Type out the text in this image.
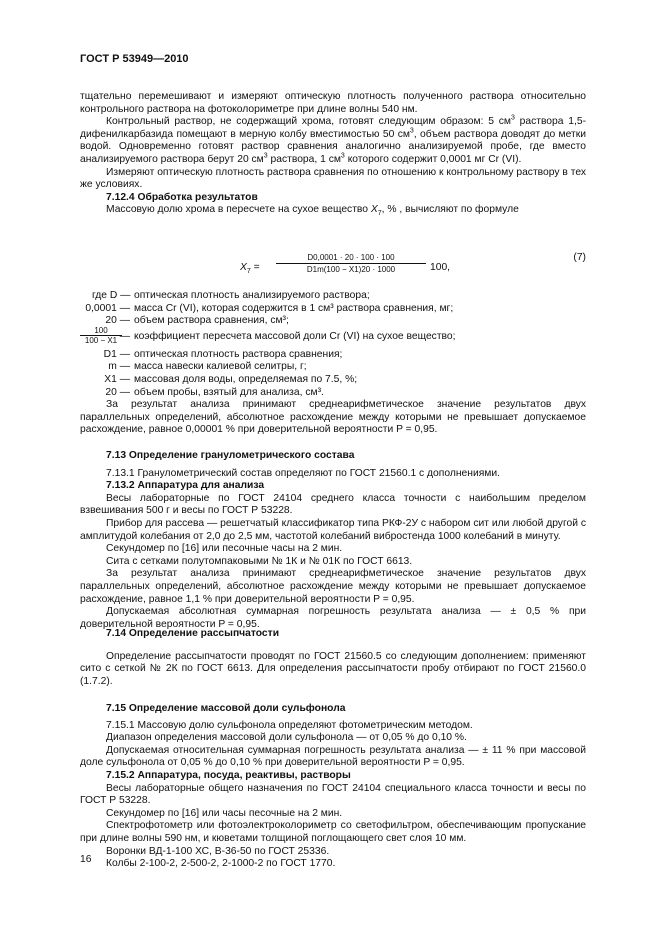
ГОСТ Р 53949—2010

тщательно перемешивают и измеряют оптическую плотность полученного раствора относительно контрольного раствора на фотоколориметре при длине волны 540 нм.

Контрольный раствор, не содержащий хрома, готовят следующим образом: 5 $см^3$ раствора 1,5-дифенилкарбазида помещают в мерную колбу вместимостью 50 $см^3$, объем раствора доводят до метки водой. Одновременно готовят раствор сравнения аналогично анализируемой пробе, где вместо анализируемого раствора берут 20 $см^3$ раствора, 1 $см^3$ которого содержит 0,0001 мг Cr (VI).

Измеряют оптическую плотность раствора сравнения по отношению к контрольному раствору в тех же условиях.

7.12.4 Обработка результатов

Массовую долю хрома в пересчете на сухое вещество $X_7$, % , вычисляют по формуле

$X_7 = \frac{D0,0001 \cdot 20 \cdot 100 \cdot 100}{D1m(100 - X1)20 \cdot 1000} 100$,
(7)
где D — оптическая плотность анализируемого раствора;
0,0001 — масса Cr (VI), которая содержится в 1 см³ раствора сравнения, мг;
20 — объем раствора сравнения, см³;
$\frac{100}{100 - X1}$
— коэффициент пересчета массовой доли Cr (VI) на сухое вещество;
D1 — оптическая плотность раствора сравнения;
m — масса навески калиевой селитры, г;
X1 — массовая доля воды, определяемая по 7.5, %;
20 — объем пробы, взятый для анализа, см³.

За результат анализа принимают среднеарифметическое значение результатов двух параллельных определений, абсолютное расхождение между которыми не превышает допускаемое расхождение, равное 0,00001 % при доверительной вероятности P = 0,95.

7.13 Определение гранулометрического состава

7.13.1 Гранулометрический состав определяют по ГОСТ 21560.1 с дополнениями.

7.13.2 Аппаратура для анализа

Весы лабораторные по ГОСТ 24104 среднего класса точности с наибольшим пределом взвешивания 500 г и весы по ГОСТ Р 53228.

Прибор для рассева — решетчатый классификатор типа РКФ-2У с набором сит или любой другой с амплитудой колебания от 2,0 до 2,5 мм, частотой колебаний вибростенда 1000 колебаний в минуту.

Секундомер по [16] или песочные часы на 2 мин.

Сита с сетками полутомпаковыми № 1К и № 01К по ГОСТ 6613.

За результат анализа принимают среднеарифметическое значение результатов двух параллельных определений, абсолютное расхождение между которыми не превышает допускаемое расхождение, равное 1,1 % при доверительной вероятности P = 0,95.

Допускаемая абсолютная суммарная погрешность результата анализа — ± 0,5 % при доверительной вероятности P = 0,95.

7.14 Определение рассыпчатости

Определение рассыпчатости проводят по ГОСТ 21560.5 со следующим дополнением: применяют сито с сеткой № 2К по ГОСТ 6613. Для определения рассыпчатости пробу отбирают по ГОСТ 21560.0 (1.7.2).

7.15 Определение массовой доли сульфонола

7.15.1 Массовую долю сульфонола определяют фотометрическим методом.

Диапазон определения массовой доли сульфонола — от 0,05 % до 0,10 %.

Допускаемая относительная суммарная погрешность результата анализа — ± 11 % при массовой доле сульфонола от 0,05 % до 0,10 % при доверительной вероятности P = 0,95.

7.15.2 Аппаратура, посуда, реактивы, растворы

Весы лабораторные общего назначения по ГОСТ 24104 специального класса точности и весы по ГОСТ Р 53228.

Секундомер по [16] или часы песочные на 2 мин.

Спектрофотометр или фотоэлектроколориметр со светофильтром, обеспечивающим пропускание при длине волны 590 нм, и кюветами толщиной поглощающего свет слоя 10 мм.

Воронки ВД-1-100 ХС, В-36-50 по ГОСТ 25336.

Колбы 2-100-2, 2-500-2, 2-1000-2 по ГОСТ 1770.

16
